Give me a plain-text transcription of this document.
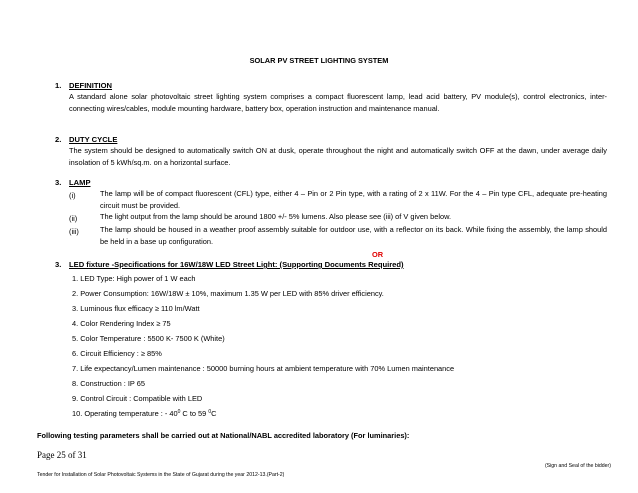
SOLAR PV STREET LIGHTING SYSTEM
1. DEFINITION
A standard alone solar photovoltaic street lighting system comprises a compact fluorescent lamp, lead acid battery, PV module(s), control electronics, inter-connecting wires/cables, module mounting hardware, battery box, operation instruction and maintenance manual.
2. DUTY CYCLE
The system should be designed to automatically switch ON at dusk, operate throughout the night and automatically switch OFF at the dawn, under average daily insolation of 5 kWh/sq.m. on a horizontal surface.
3. LAMP
(i)	The lamp will be of compact fluorescent (CFL) type, either 4 – Pin or 2 Pin type, with a rating of 2 x 11W. For the 4 – Pin type CFL, adequate pre-heating circuit must be provided.
(ii)	The light output from the lamp should be around 1800 +/- 5% lumens. Also please see (iii) of V given below.
(iii)	The lamp should be housed in a weather proof assembly suitable for outdoor use, with a reflector on its back. While fixing the assembly, the lamp should be held in a base up configuration.
OR
3. LED fixture -Specifications for 16W/18W LED Street Light: (Supporting Documents Required)
1. LED Type: High power of 1 W each
2. Power Consumption: 16W/18W ± 10%, maximum 1.35 W per LED with 85% driver efficiency.
3. Luminous flux efficacy ≥ 110 lm/Watt
4. Color Rendering Index ≥ 75
5. Color Temperature : 5500 K- 7500 K (White)
6. Circuit Efficiency : ≥ 85%
7. Life expectancy/Lumen maintenance : 50000 burning hours at ambient temperature with 70% Lumen maintenance
8. Construction : IP 65
9. Control Circuit : Compatible with LED
10. Operating temperature : - $40^0$ C to 59 $^0$C
Following testing parameters shall be carried out at National/NABL accredited laboratory (For luminaries):
Page 25 of 31
(Sign and Seal of the bidder)
Tender for Installation of Solar Photovoltaic Systems in the State of Gujarat during the year 2012-13.(Part-2)
